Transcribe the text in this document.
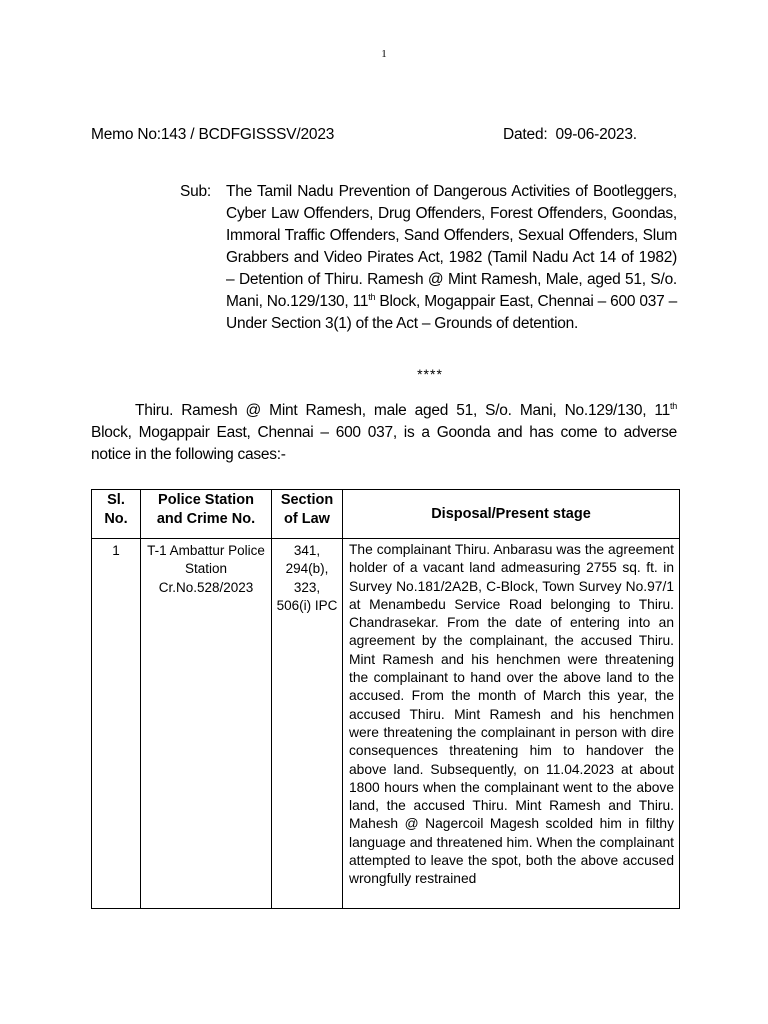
1
Memo No:143 / BCDFGISSSV/2023	Dated: 09-06-2023.
Sub: The Tamil Nadu Prevention of Dangerous Activities of Bootleggers, Cyber Law Offenders, Drug Offenders, Forest Offenders, Goondas, Immoral Traffic Offenders, Sand Offenders, Sexual Offenders, Slum Grabbers and Video Pirates Act, 1982 (Tamil Nadu Act 14 of 1982) – Detention of Thiru. Ramesh @ Mint Ramesh, Male, aged 51, S/o. Mani, No.129/130, 11th Block, Mogappair East, Chennai – 600 037 – Under Section 3(1) of the Act – Grounds of detention.
****
Thiru. Ramesh @ Mint Ramesh, male aged 51, S/o. Mani, No.129/130, 11th Block, Mogappair East, Chennai – 600 037, is a Goonda and has come to adverse notice in the following cases:-
Sl. No.	Police Station and Crime No.	Section of Law	Disposal/Present stage
1	T-1 Ambattur Police Station Cr.No.528/2023	341, 294(b), 323, 506(i) IPC	The complainant Thiru. Anbarasu was the agreement holder of a vacant land admeasuring 2755 sq. ft. in Survey No.181/2A2B, C-Block, Town Survey No.97/1 at Menambedu Service Road belonging to Thiru. Chandrasekar. From the date of entering into an agreement by the complainant, the accused Thiru. Mint Ramesh and his henchmen were threatening the complainant to hand over the above land to the accused. From the month of March this year, the accused Thiru. Mint Ramesh and his henchmen were threatening the complainant in person with dire consequences threatening him to handover the above land. Subsequently, on 11.04.2023 at about 1800 hours when the complainant went to the above land, the accused Thiru. Mint Ramesh and Thiru. Mahesh @ Nagercoil Magesh scolded him in filthy language and threatened him. When the complainant attempted to leave the spot, both the above accused wrongfully restrained
